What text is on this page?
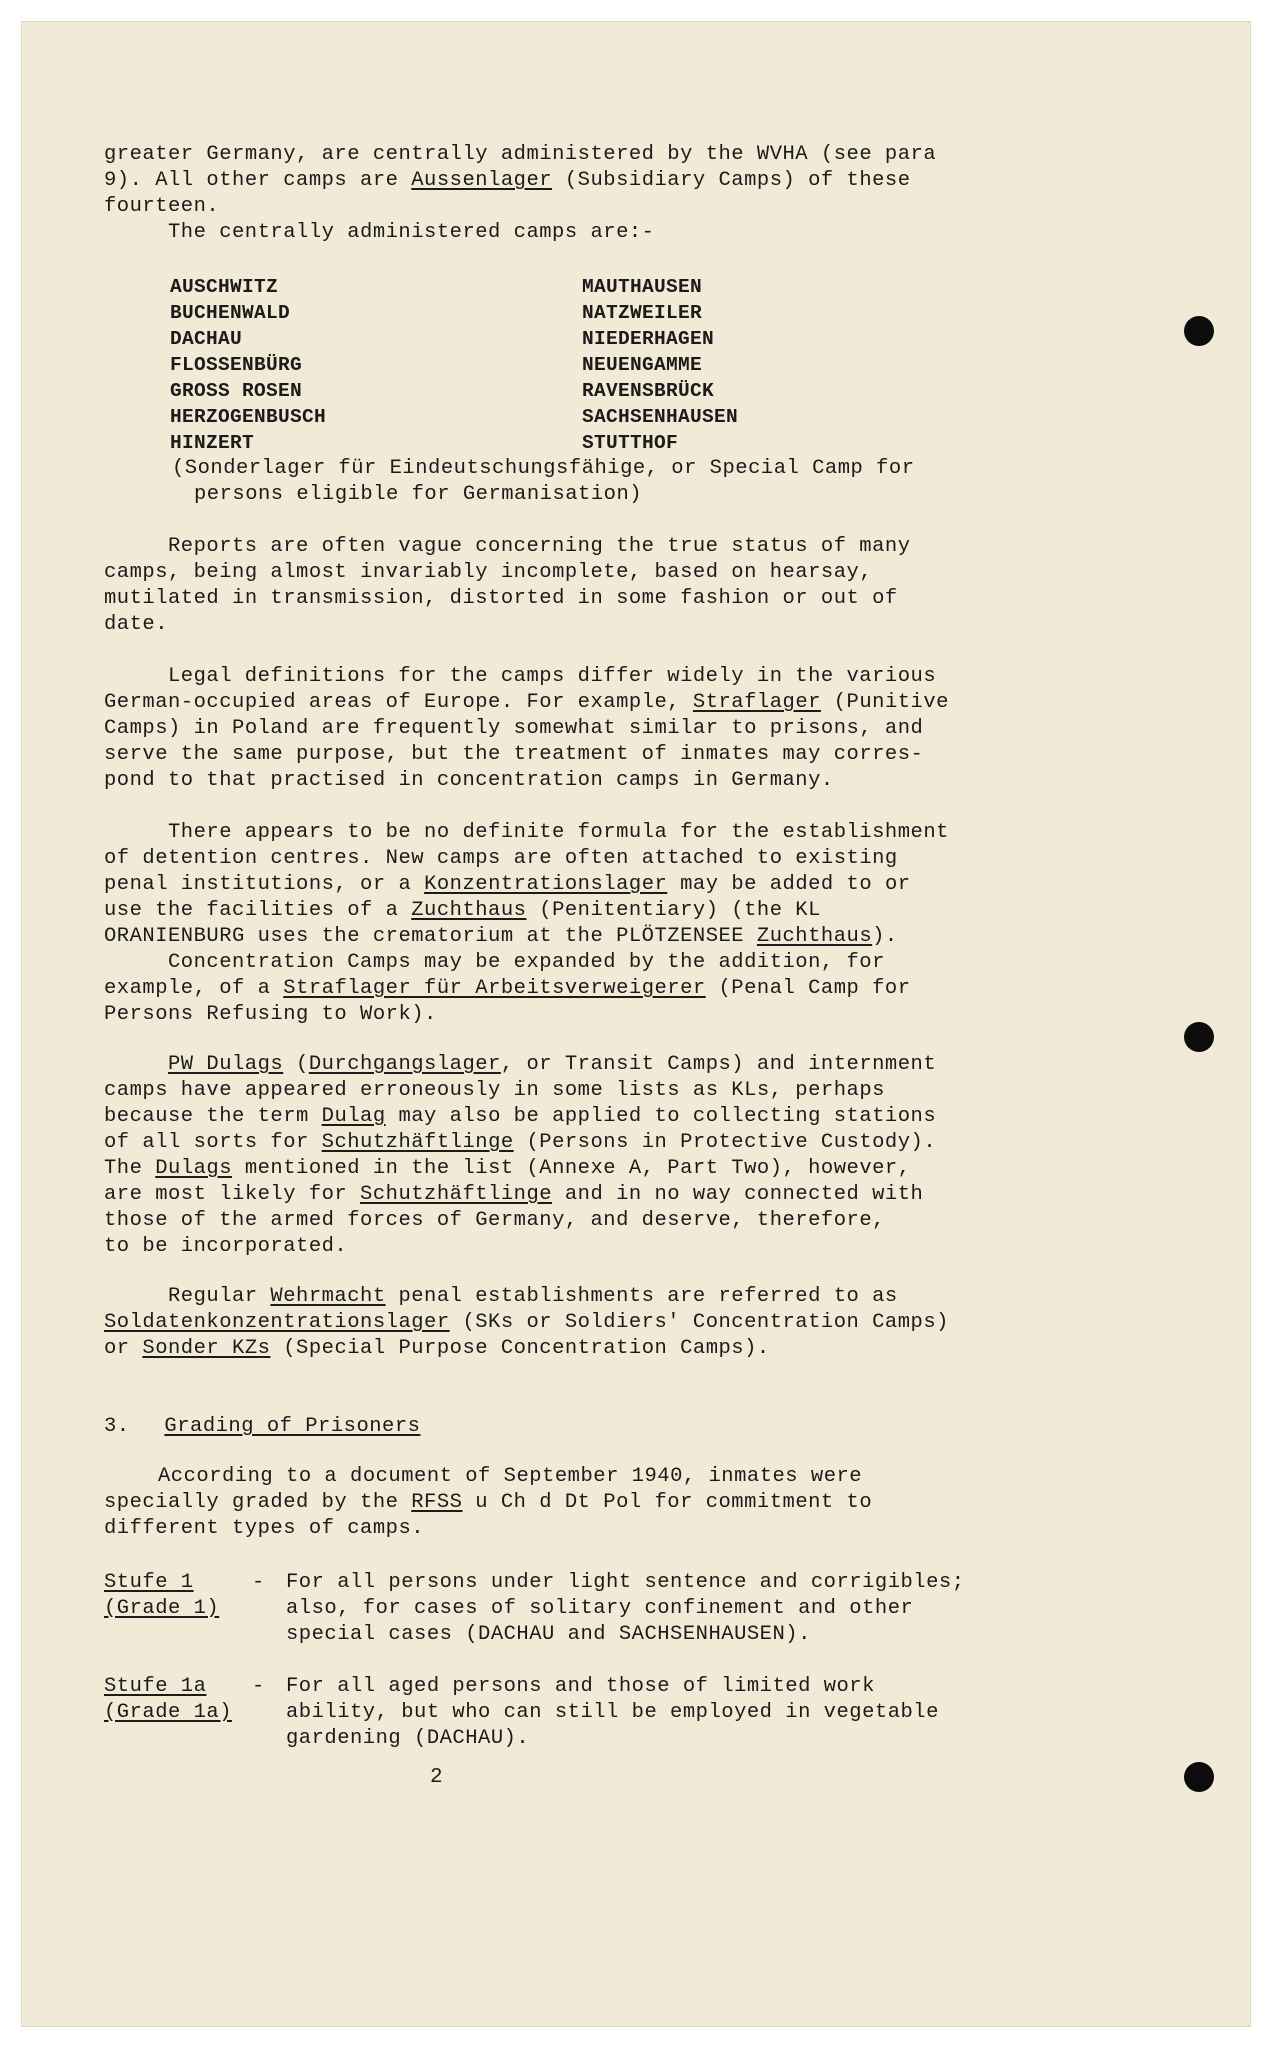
greater Germany, are centrally administered by the WVHA (see para
9). All other camps are Aussenlager (Subsidiary Camps) of these
fourteen.
The centrally administered camps are:-
AUSCHWITZ
BUCHENWALD
DACHAU
FLOSSENBÜRG
GROSS ROSEN
HERZOGENBUSCH
HINZERT
MAUTHAUSEN
NATZWEILER
NIEDERHAGEN
NEUENGAMME
RAVENSBRÜCK
SACHSENHAUSEN
STUTTHOF
(Sonderlager für Eindeutschungsfähige, or Special Camp for
persons eligible for Germanisation)
Reports are often vague concerning the true status of many
camps, being almost invariably incomplete, based on hearsay,
mutilated in transmission, distorted in some fashion or out of
date.
Legal definitions for the camps differ widely in the various
German-occupied areas of Europe. For example, Straflager (Punitive
Camps) in Poland are frequently somewhat similar to prisons, and
serve the same purpose, but the treatment of inmates may corres-
pond to that practised in concentration camps in Germany.
There appears to be no definite formula for the establishment
of detention centres. New camps are often attached to existing
penal institutions, or a Konzentrationslager may be added to or
use the facilities of a Zuchthaus (Penitentiary) (the KL
ORANIENBURG uses the crematorium at the PLÖTZENSEE Zuchthaus).
Concentration Camps may be expanded by the addition, for
example, of a Straflager für Arbeitsverweigerer (Penal Camp for
Persons Refusing to Work).
PW Dulags (Durchgangslager, or Transit Camps) and internment
camps have appeared erroneously in some lists as KLs, perhaps
because the term Dulag may also be applied to collecting stations
of all sorts for Schutzhäftlinge (Persons in Protective Custody).
The Dulags mentioned in the list (Annexe A, Part Two), however,
are most likely for Schutzhäftlinge and in no way connected with
those of the armed forces of Germany, and deserve, therefore,
to be incorporated.
Regular Wehrmacht penal establishments are referred to as
Soldatenkonzentrationslager (SKs or Soldiers' Concentration Camps)
or Sonder KZs (Special Purpose Concentration Camps).
3. Grading of Prisoners
According to a document of September 1940, inmates were
specially graded by the RFSS u Ch d Dt Pol for commitment to
different types of camps.
Stufe 1
(Grade 1)
- For all persons under light sentence and corrigibles;
also, for cases of solitary confinement and other
special cases (DACHAU and SACHSENHAUSEN).
Stufe 1a
(Grade 1a)
- For all aged persons and those of limited work
ability, but who can still be employed in vegetable
gardening (DACHAU).
2
